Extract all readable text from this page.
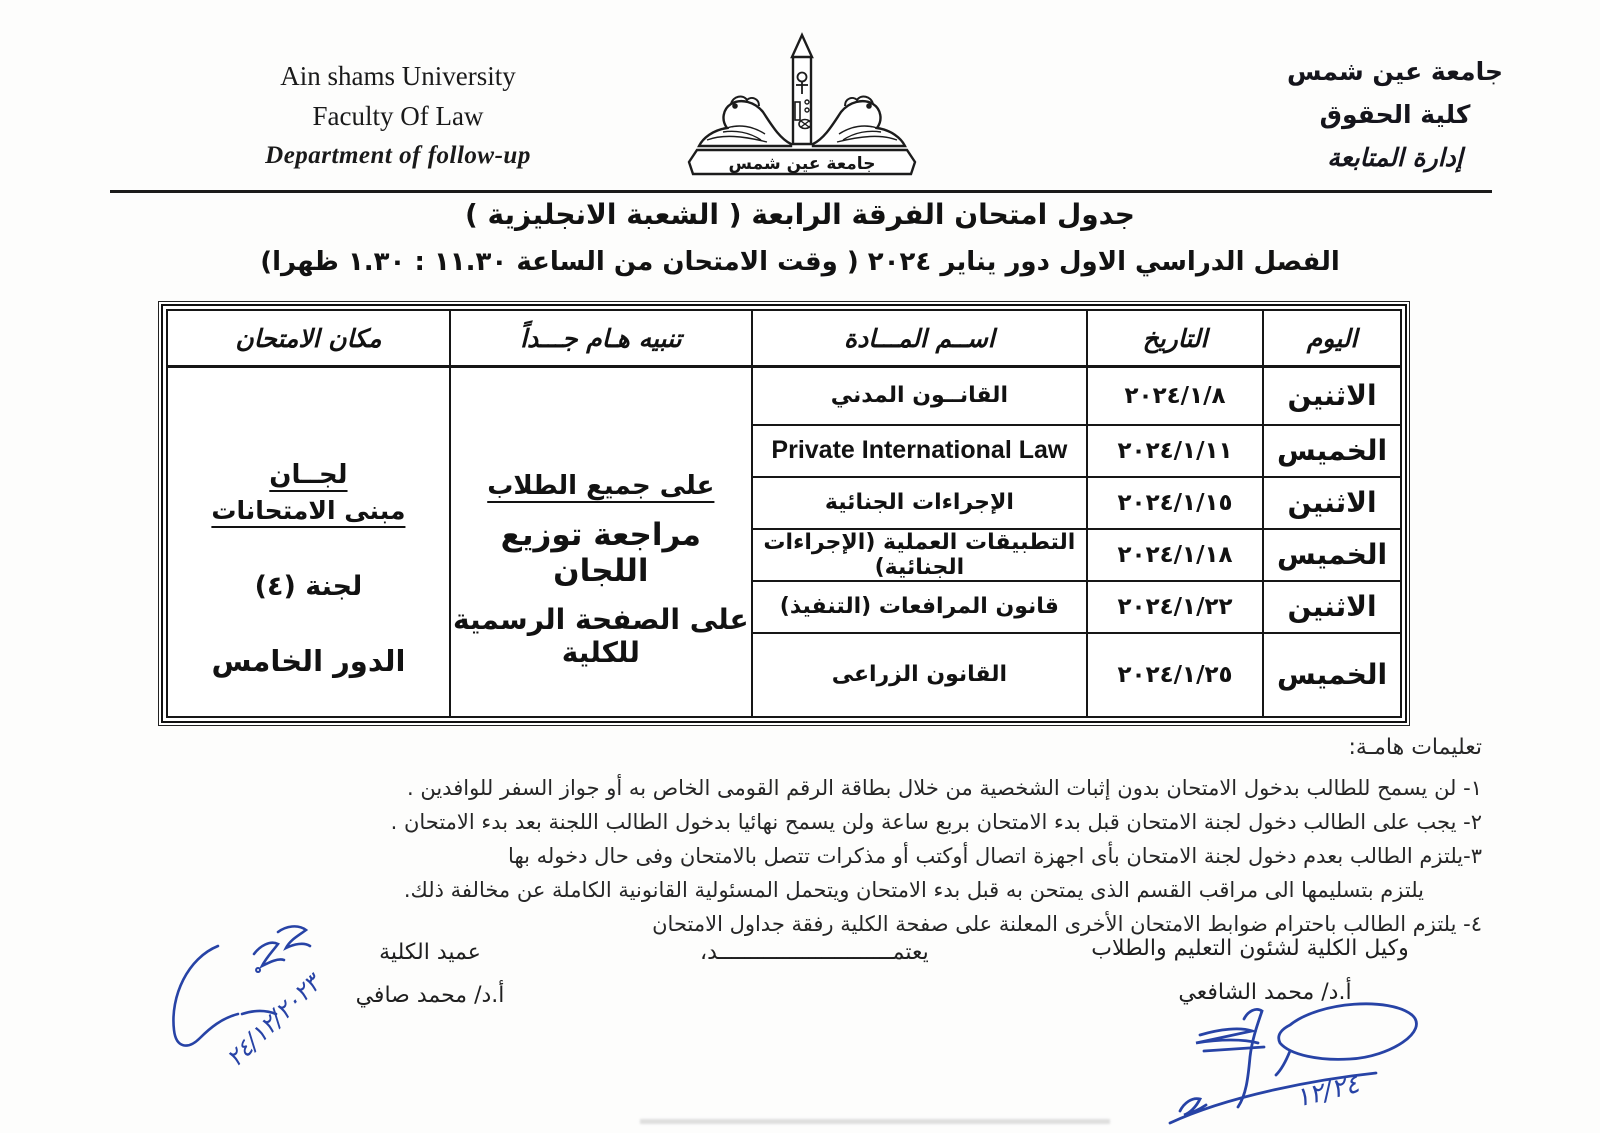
Ain shams University
Faculty Of Law
Department of follow-up	جامعة عين شمس
جامعة عين شمس
كلية الحقوق
إدارة المتابعة
جدول امتحان الفرقة الرابعة ( الشعبة الانجليزية )
الفصل الدراسي الاول دور يناير ٢٠٢٤ ( وقت الامتحان من الساعة ١١.٣٠ : ١.٣٠ ظهرا)
اليوم	التاريخ	اســم المـــادة	تنبيه هـام جـــداً	مكان الامتحان
الاثنين	٢٠٢٤/١/٨	القانــون المدني	
على جميع الطلاب
مراجعة توزيع اللجان
على الصفحة الرسمية للكلية

لجــان
مبنى الامتحانات
لجنة (٤)
الدور الخامس

الخميس	٢٠٢٤/١/١١	Private International Law		
الاثنين	٢٠٢٤/١/١٥	الإجراءات الجنائية		
الخميس	٢٠٢٤/١/١٨	التطبيقات العملية (الإجراءات الجنائية)		
الاثنين	٢٠٢٤/١/٢٢	قانون المرافعات (التنفيذ)		
الخميس	٢٠٢٤/١/٢٥	القانون الزراعى		
تعليمات هامـة:
١- لن يسمح للطالب بدخول الامتحان بدون إثبات الشخصية من خلال بطاقة الرقم القومى الخاص به أو جواز السفر للوافدين .
٢- يجب على الطالب دخول لجنة الامتحان قبل بدء الامتحان بربع ساعة ولن يسمح نهائيا بدخول الطالب اللجنة بعد بدء الامتحان .
٣-يلتزم الطالب بعدم دخول لجنة الامتحان بأى اجهزة اتصال أوكتب أو مذكرات تتصل بالامتحان وفى حال دخوله بها
يلتزم بتسليمها الى مراقب القسم الذى يمتحن به قبل بدء الامتحان ويتحمل المسئولية القانونية الكاملة عن مخالفة ذلك.
٤- يلتزم الطالب باحترام ضوابط الامتحان الأخرى المعلنة على صفحة الكلية رفقة جداول الامتحان
وكيل الكلية لشئون التعليم والطلاب
أ.د/ محمد الشافعي
يعتمـــــــــــــــــــــــــــد،
عميد الكلية
أ.د/ محمد صافي
٢٤/١٢/٢٠٢٣
١٢/٢٤
